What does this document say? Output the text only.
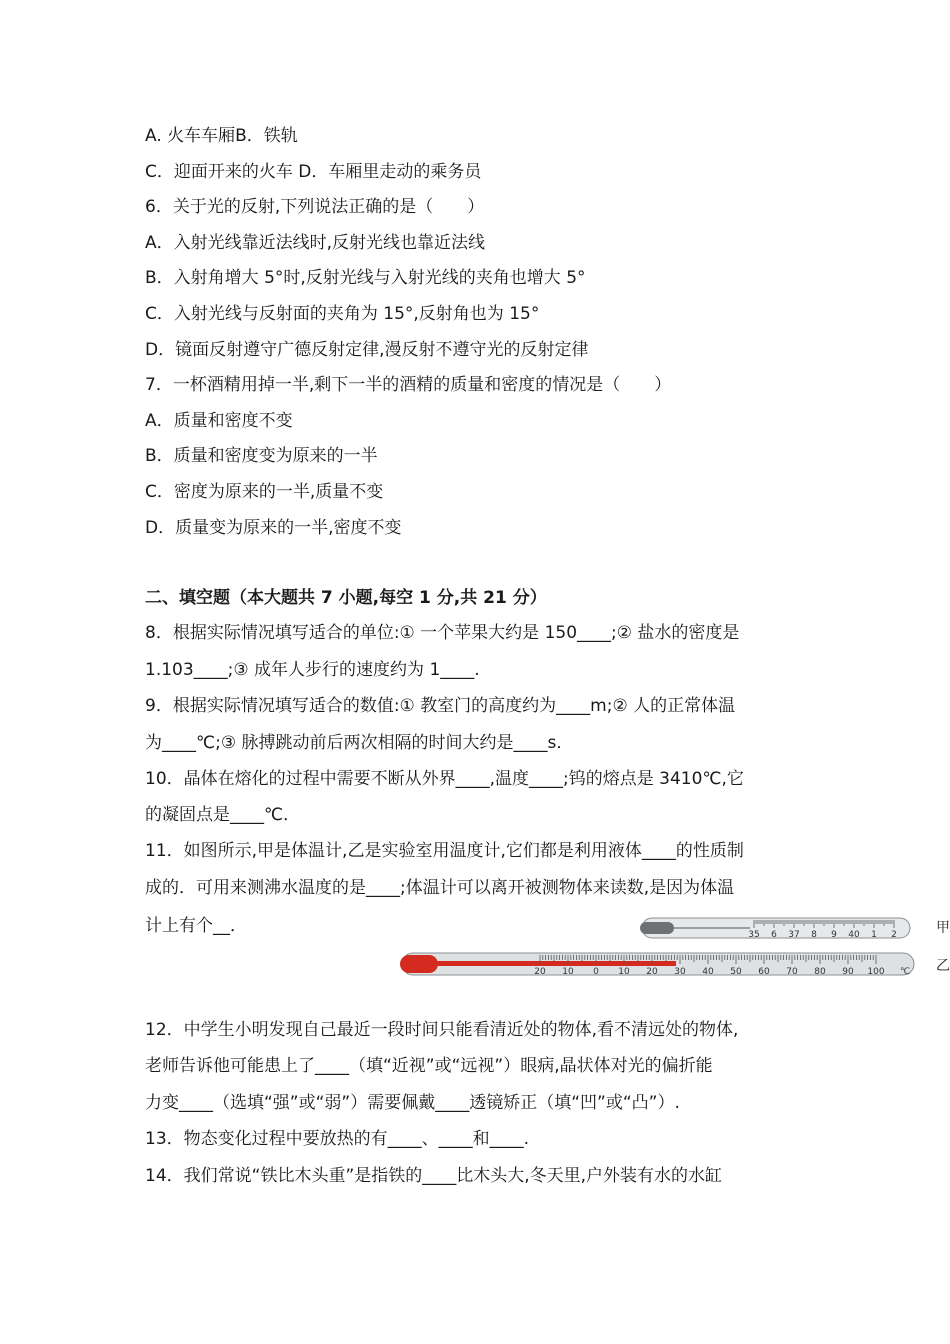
A. 火车车厢B．铁轨
C．迎面开来的火车 D．车厢里走动的乘务员
6．关于光的反射,下列说法正确的是（　　）
A．入射光线靠近法线时,反射光线也靠近法线
B．入射角增大 5°时,反射光线与入射光线的夹角也增大 5°
C．入射光线与反射面的夹角为 15°,反射角也为 15°
D．镜面反射遵守广德反射定律,漫反射不遵守光的反射定律
7．一杯酒精用掉一半,剩下一半的酒精的质量和密度的情况是（　　）
A．质量和密度不变
B．质量和密度变为原来的一半
C．密度为原来的一半,质量不变
D．质量变为原来的一半,密度不变
二、填空题（本大题共 7 小题,每空 1 分,共 21 分）
8．根据实际情况填写适合的单位:① 一个苹果大约是 150____;② 盐水的密度是
1.103____;③ 成年人步行的速度约为 1____.
9．根据实际情况填写适合的数值:① 教室门的高度约为____m;② 人的正常体温
为____℃;③ 脉搏跳动前后两次相隔的时间大约是____s．
10．晶体在熔化的过程中需要不断从外界____,温度____;钨的熔点是 3410℃,它
的凝固点是____℃．
11．如图所示,甲是体温计,乙是实验室用温度计,它们都是利用液体____的性质制
成的．可用来测沸水温度的是____;体温计可以离开被测物体来读数,是因为体温
计上有个__．	35 6 37 8 9 40 1 2	甲
20 10 0 10 20 30 40 50 60 70 80 90 100 ℃ 乙
12．中学生小明发现自己最近一段时间只能看清近处的物体,看不清远处的物体,
老师告诉他可能患上了____（填“近视”或“远视”）眼病,晶状体对光的偏折能
力变____（选填“强”或“弱”）需要佩戴____透镜矫正（填“凹”或“凸”）.
13．物态变化过程中要放热的有____、____和____.
14．我们常说“铁比木头重”是指铁的____比木头大,冬天里,户外装有水的水缸
